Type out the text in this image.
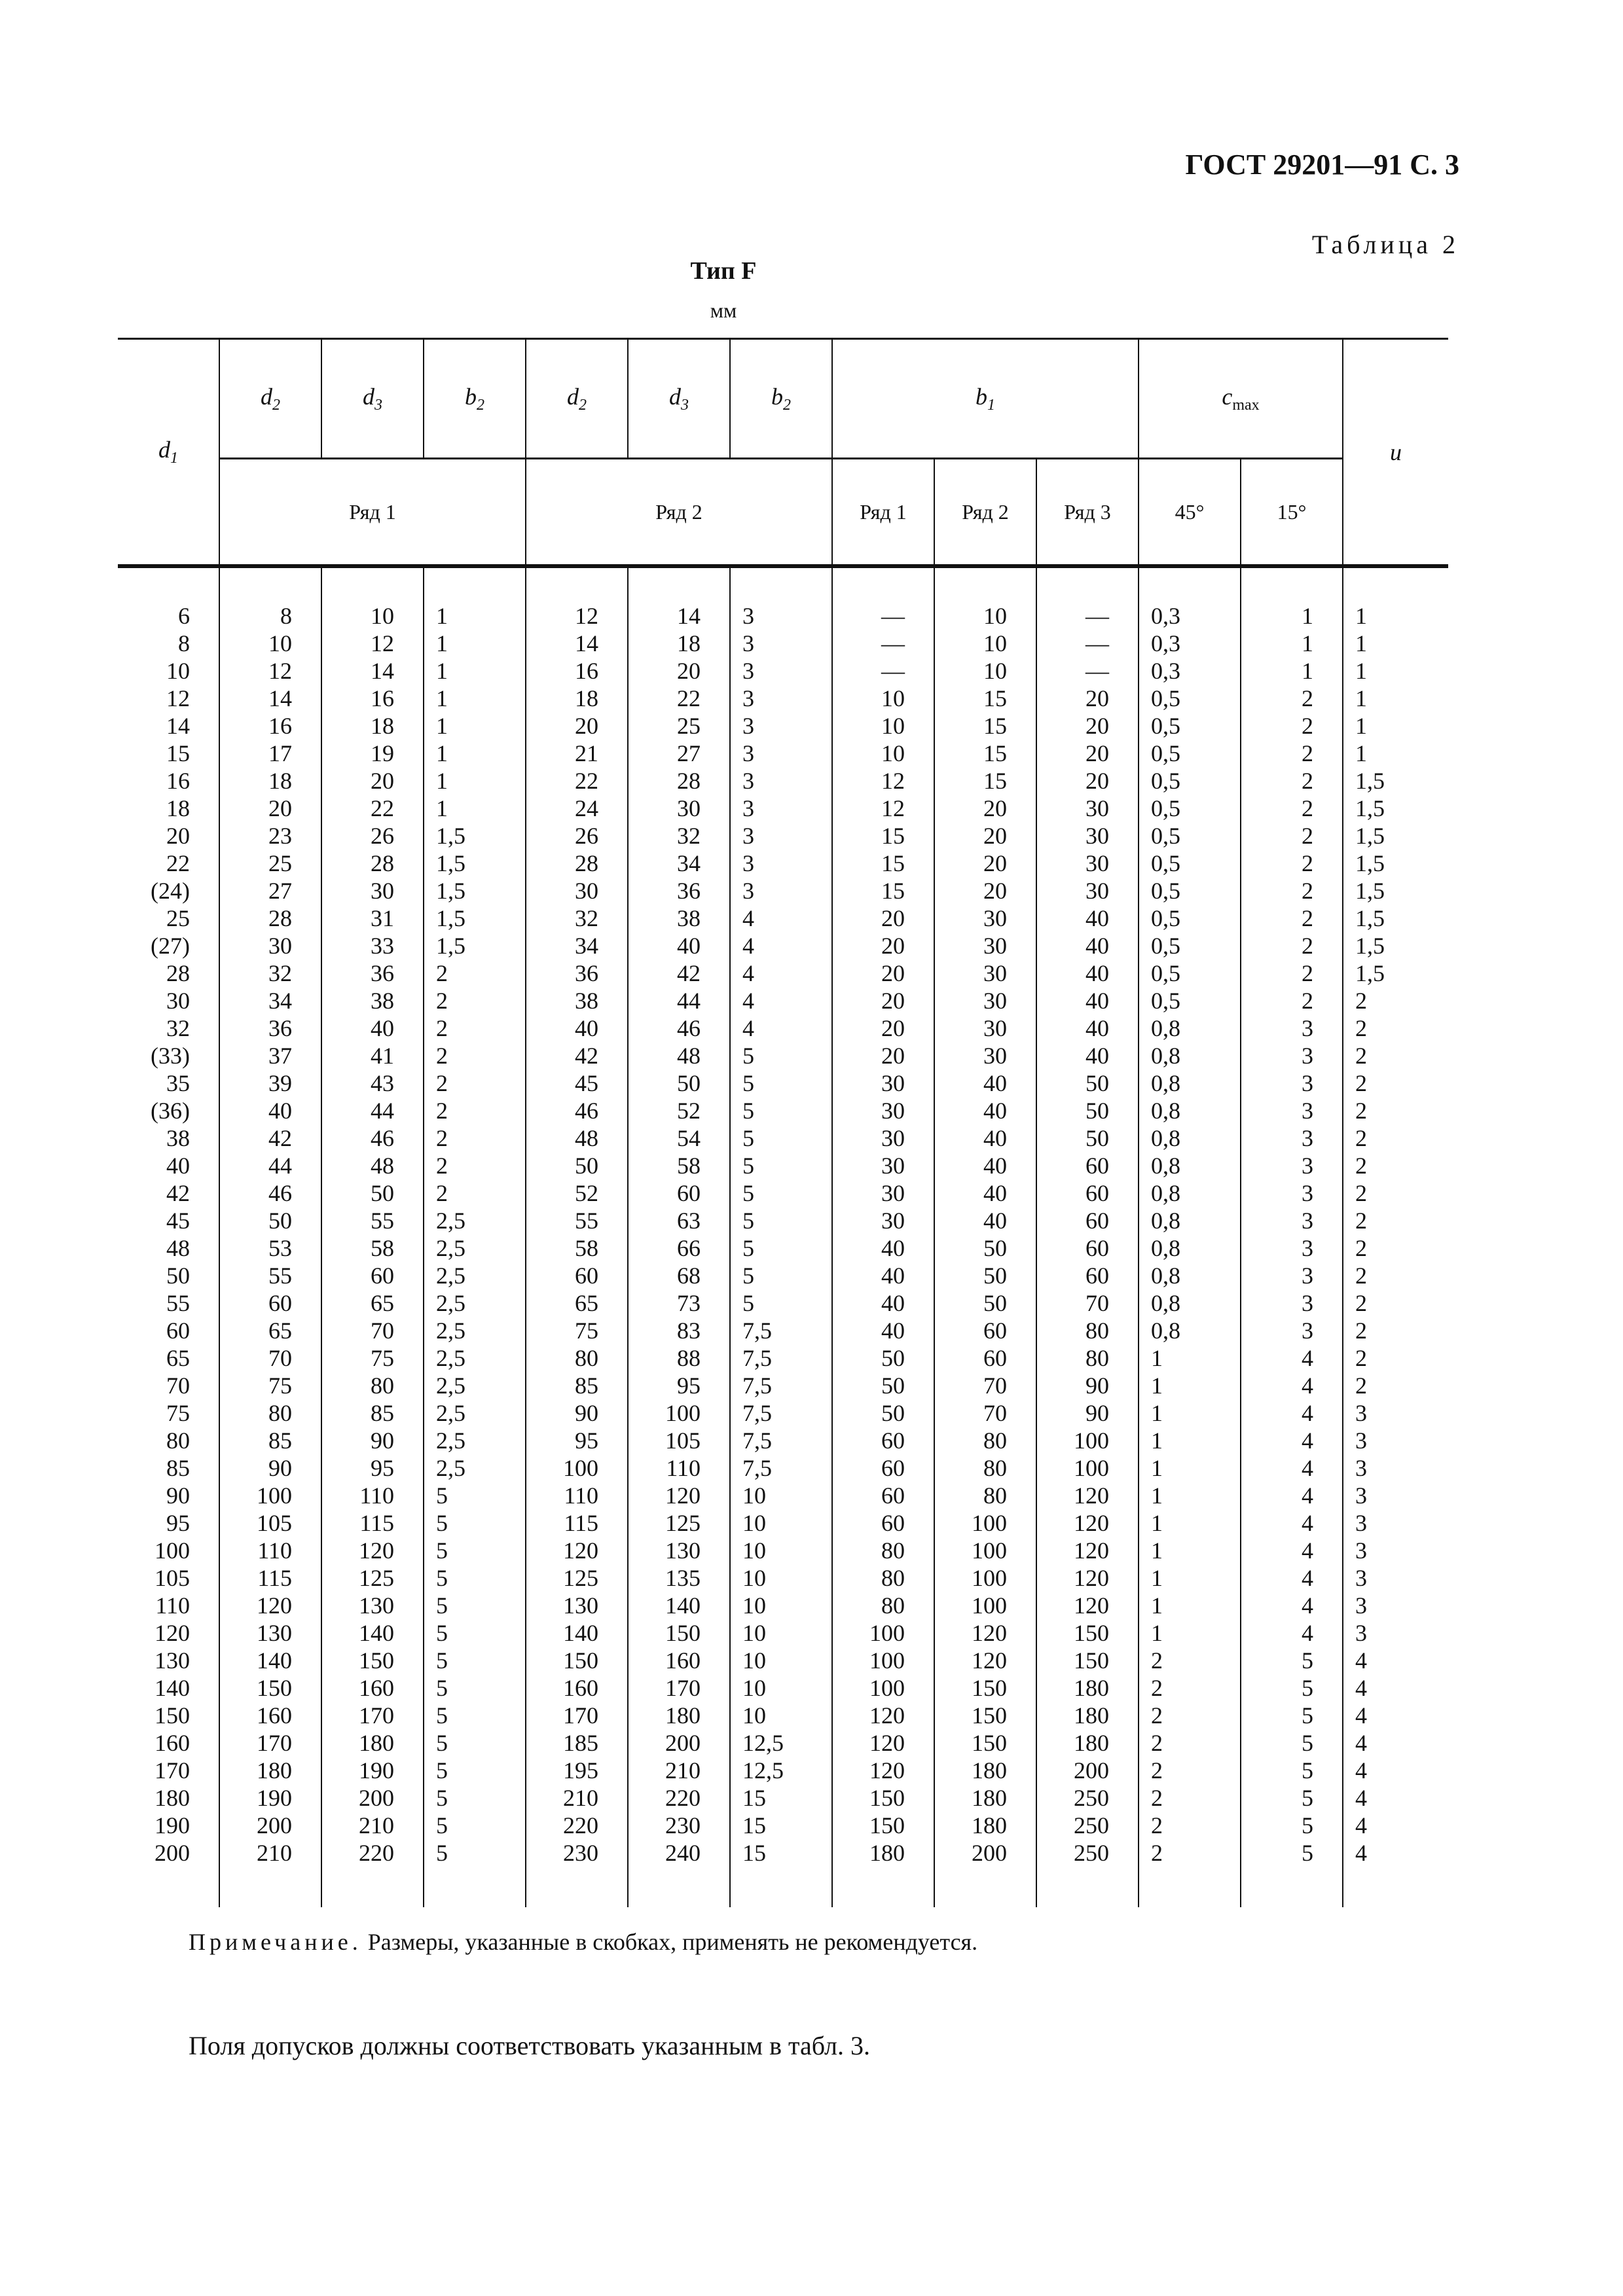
ГОСТ 29201—91 С. 3
Таблица 2
Тип F
мм
$d_1$	$d_2$	$d_3$	$b_2$	$d_2$	$d_3$	$b_2$	$b_1$			$c_{max}$		u
	Ряд 1			Ряд 2			Ряд 1	Ряд 2	Ряд 3	45°	15°	

6	8	10	1	12	14	3	—	10	—	0,3	1	1
8	10	12	1	14	18	3	—	10	—	0,3	1	1
10	12	14	1	16	20	3	—	10	—	0,3	1	1
12	14	16	1	18	22	3	10	15	20	0,5	2	1
14	16	18	1	20	25	3	10	15	20	0,5	2	1
15	17	19	1	21	27	3	10	15	20	0,5	2	1
16	18	20	1	22	28	3	12	15	20	0,5	2	1,5
18	20	22	1	24	30	3	12	20	30	0,5	2	1,5
20	23	26	1,5	26	32	3	15	20	30	0,5	2	1,5
22	25	28	1,5	28	34	3	15	20	30	0,5	2	1,5
(24)	27	30	1,5	30	36	3	15	20	30	0,5	2	1,5
25	28	31	1,5	32	38	4	20	30	40	0,5	2	1,5
(27)	30	33	1,5	34	40	4	20	30	40	0,5	2	1,5
28	32	36	2	36	42	4	20	30	40	0,5	2	1,5
30	34	38	2	38	44	4	20	30	40	0,5	2	2
32	36	40	2	40	46	4	20	30	40	0,8	3	2
(33)	37	41	2	42	48	5	20	30	40	0,8	3	2
35	39	43	2	45	50	5	30	40	50	0,8	3	2
(36)	40	44	2	46	52	5	30	40	50	0,8	3	2
38	42	46	2	48	54	5	30	40	50	0,8	3	2
40	44	48	2	50	58	5	30	40	60	0,8	3	2
42	46	50	2	52	60	5	30	40	60	0,8	3	2
45	50	55	2,5	55	63	5	30	40	60	0,8	3	2
48	53	58	2,5	58	66	5	40	50	60	0,8	3	2
50	55	60	2,5	60	68	5	40	50	60	0,8	3	2
55	60	65	2,5	65	73	5	40	50	70	0,8	3	2
60	65	70	2,5	75	83	7,5	40	60	80	0,8	3	2
65	70	75	2,5	80	88	7,5	50	60	80	1	4	2
70	75	80	2,5	85	95	7,5	50	70	90	1	4	2
75	80	85	2,5	90	100	7,5	50	70	90	1	4	3
80	85	90	2,5	95	105	7,5	60	80	100	1	4	3
85	90	95	2,5	100	110	7,5	60	80	100	1	4	3
90	100	110	5	110	120	10	60	80	120	1	4	3
95	105	115	5	115	125	10	60	100	120	1	4	3
100	110	120	5	120	130	10	80	100	120	1	4	3
105	115	125	5	125	135	10	80	100	120	1	4	3
110	120	130	5	130	140	10	80	100	120	1	4	3
120	130	140	5	140	150	10	100	120	150	1	4	3
130	140	150	5	150	160	10	100	120	150	2	5	4
140	150	160	5	160	170	10	100	150	180	2	5	4
150	160	170	5	170	180	10	120	150	180	2	5	4
160	170	180	5	185	200	12,5	120	150	180	2	5	4
170	180	190	5	195	210	12,5	120	180	200	2	5	4
180	190	200	5	210	220	15	150	180	250	2	5	4
190	200	210	5	220	230	15	150	180	250	2	5	4
200	210	220	5	230	240	15	180	200	250	2	5	4

Примечание. Размеры, указанные в скобках, применять не рекомендуется.
Поля допусков должны соответствовать указанным в табл. 3.
